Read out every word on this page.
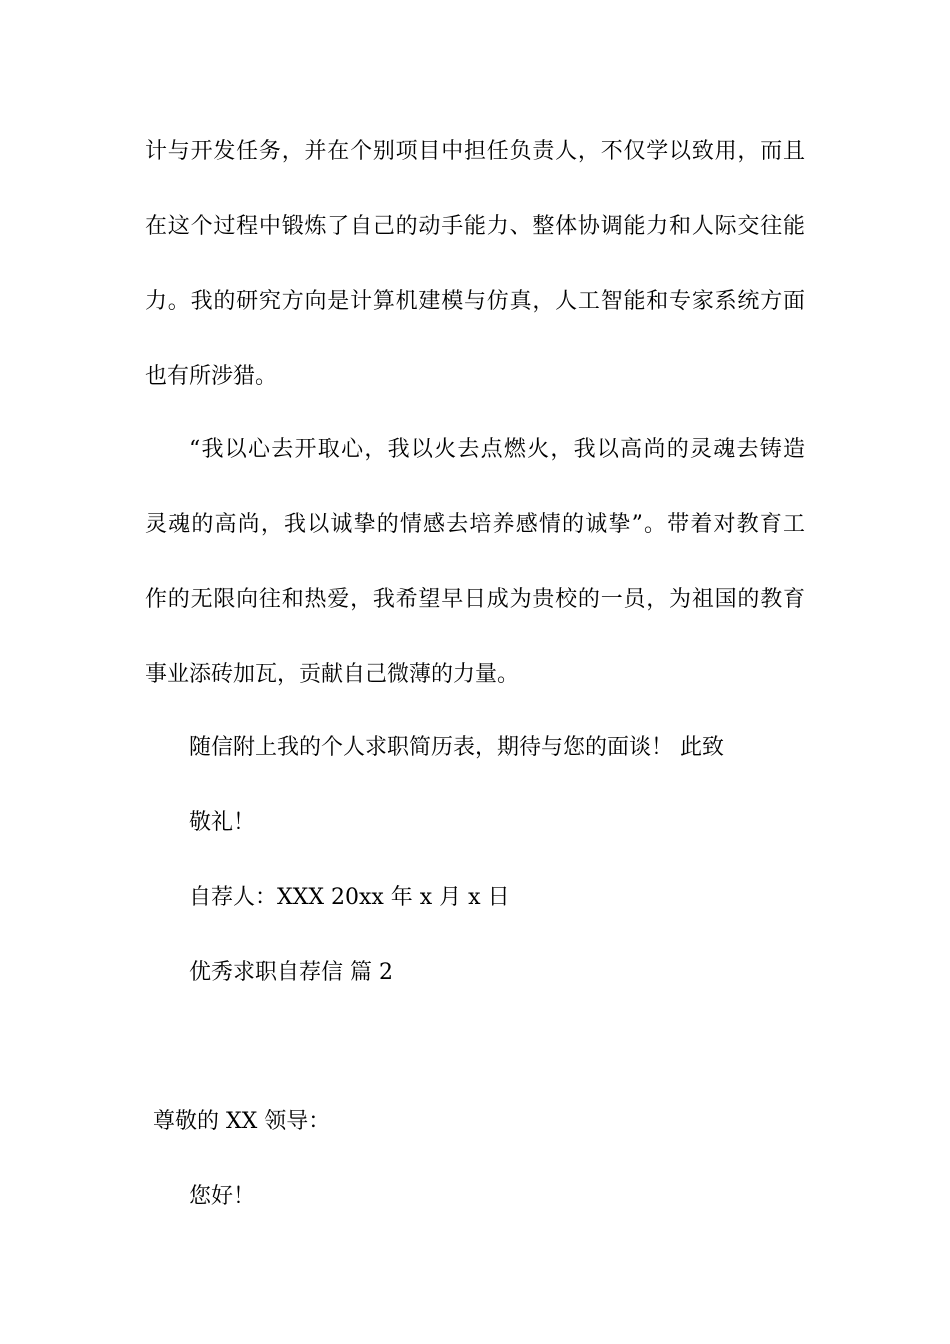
计与开发任务，并在个别项目中担任负责人，不仅学以致用，而且
在这个过程中锻炼了自己的动手能力、整体协调能力和人际交往能
力。我的研究方向是计算机建模与仿真，人工智能和专家系统方面
也有所涉猎。
“我以心去开取心，我以火去点燃火，我以高尚的灵魂去铸造
灵魂的高尚，我以诚挚的情感去培养感情的诚挚”。带着对教育工
作的无限向往和热爱，我希望早日成为贵校的一员，为祖国的教育
事业添砖加瓦，贡献自己微薄的力量。
随信附上我的个人求职简历表，期待与您的面谈！ 此致
敬礼！
自荐人：XXX 20xx 年 x 月 x 日
优秀求职自荐信 篇 2
尊敬的 XX 领导：
您好！
